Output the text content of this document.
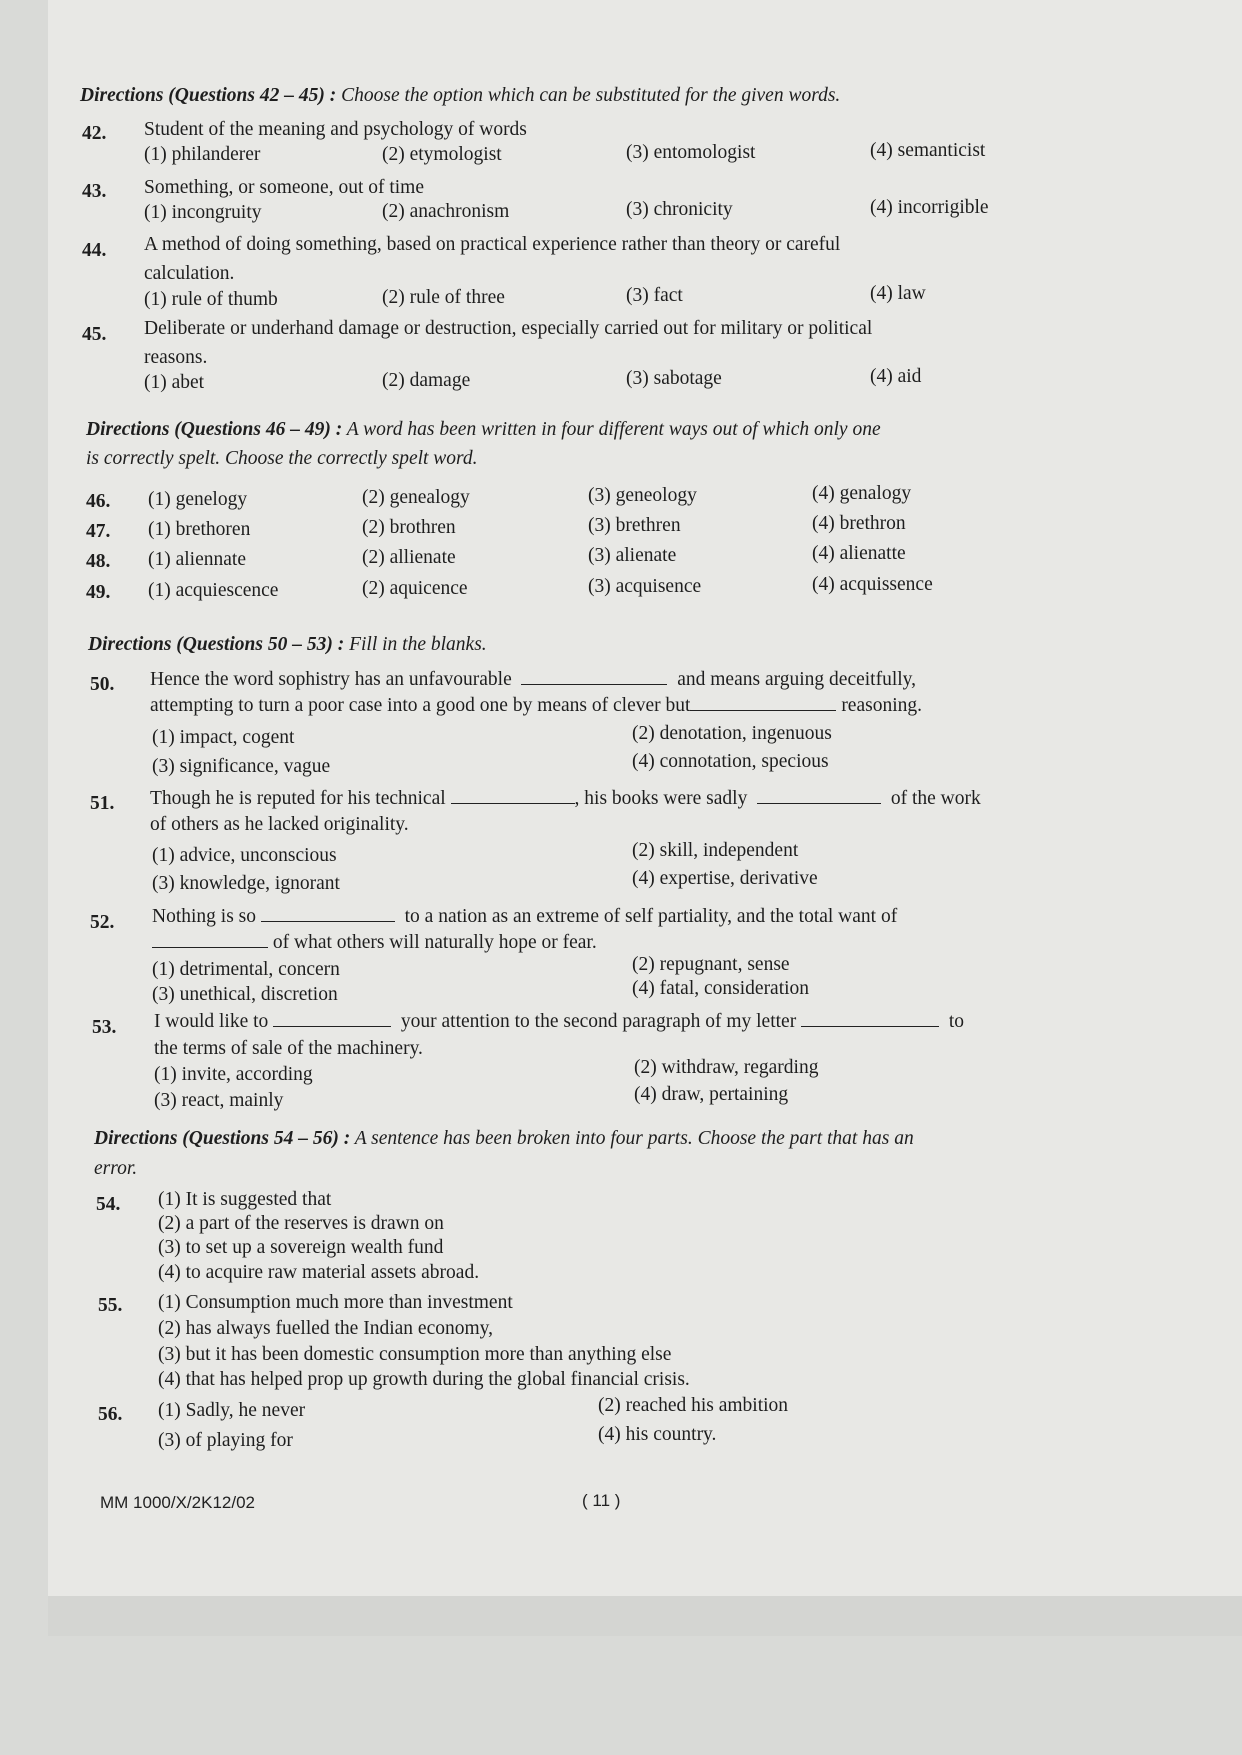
Directions (Questions 42 – 45) : Choose the option which can be substituted for the given words.
42. Student of the meaning and psychology of words
(1) philanderer	(2) etymologist	(3) entomologist	(4) semanticist
43. Something, or someone, out of time
(1) incongruity	(2) anachronism	(3) chronicity	(4) incorrigible
44. A method of doing something, based on practical experience rather than theory or careful
calculation.
(1) rule of thumb	(2) rule of three	(3) fact	(4) law
45. Deliberate or underhand damage or destruction, especially carried out for military or political
reasons.
(1) abet	(2) damage	(3) sabotage	(4) aid
Directions (Questions 46 – 49) : A word has been written in four different ways out of which only one
is correctly spelt. Choose the correctly spelt word.
46. (1) genelogy	(2) genealogy	(3) geneology	(4) genalogy
47. (1) brethoren	(2) brothren	(3) brethren	(4) brethron
48. (1) aliennate	(2) allienate	(3) alienate	(4) alienatte
49. (1) acquiescence	(2) aquicence	(3) acquisence	(4) acquissence
Directions (Questions 50 – 53) : Fill in the blanks.
50. Hence the word sophistry has an unfavourable	and means arguing deceitfully,
attempting to turn a poor case into a good one by means of clever but	reasoning.
(1) impact, cogent	(2) denotation, ingenuous
(3) significance, vague	(4) connotation, specious
51. Though he is reputed for his technical	, his books were sadly	of the work
of others as he lacked originality.
(1) advice, unconscious	(2) skill, independent
(3) knowledge, ignorant	(4) expertise, derivative
52. Nothing is so	to a nation as an extreme of self partiality, and the total want of
of what others will naturally hope or fear.
(1) detrimental, concern	(2) repugnant, sense
(3) unethical, discretion	(4) fatal, consideration
53. I would like to	your attention to the second paragraph of my letter	to
the terms of sale of the machinery.
(1) invite, according	(2) withdraw, regarding
(3) react, mainly	(4) draw, pertaining
Directions (Questions 54 – 56) : A sentence has been broken into four parts. Choose the part that has an
error.
54. (1) It is suggested that
(2) a part of the reserves is drawn on
(3) to set up a sovereign wealth fund
(4) to acquire raw material assets abroad.
55. (1) Consumption much more than investment
(2) has always fuelled the Indian economy,
(3) but it has been domestic consumption more than anything else
(4) that has helped prop up growth during the global financial crisis.
56. (1) Sadly, he never	(2) reached his ambition
(3) of playing for	(4) his country.
MM 1000/X/2K12/02	( 11 )
